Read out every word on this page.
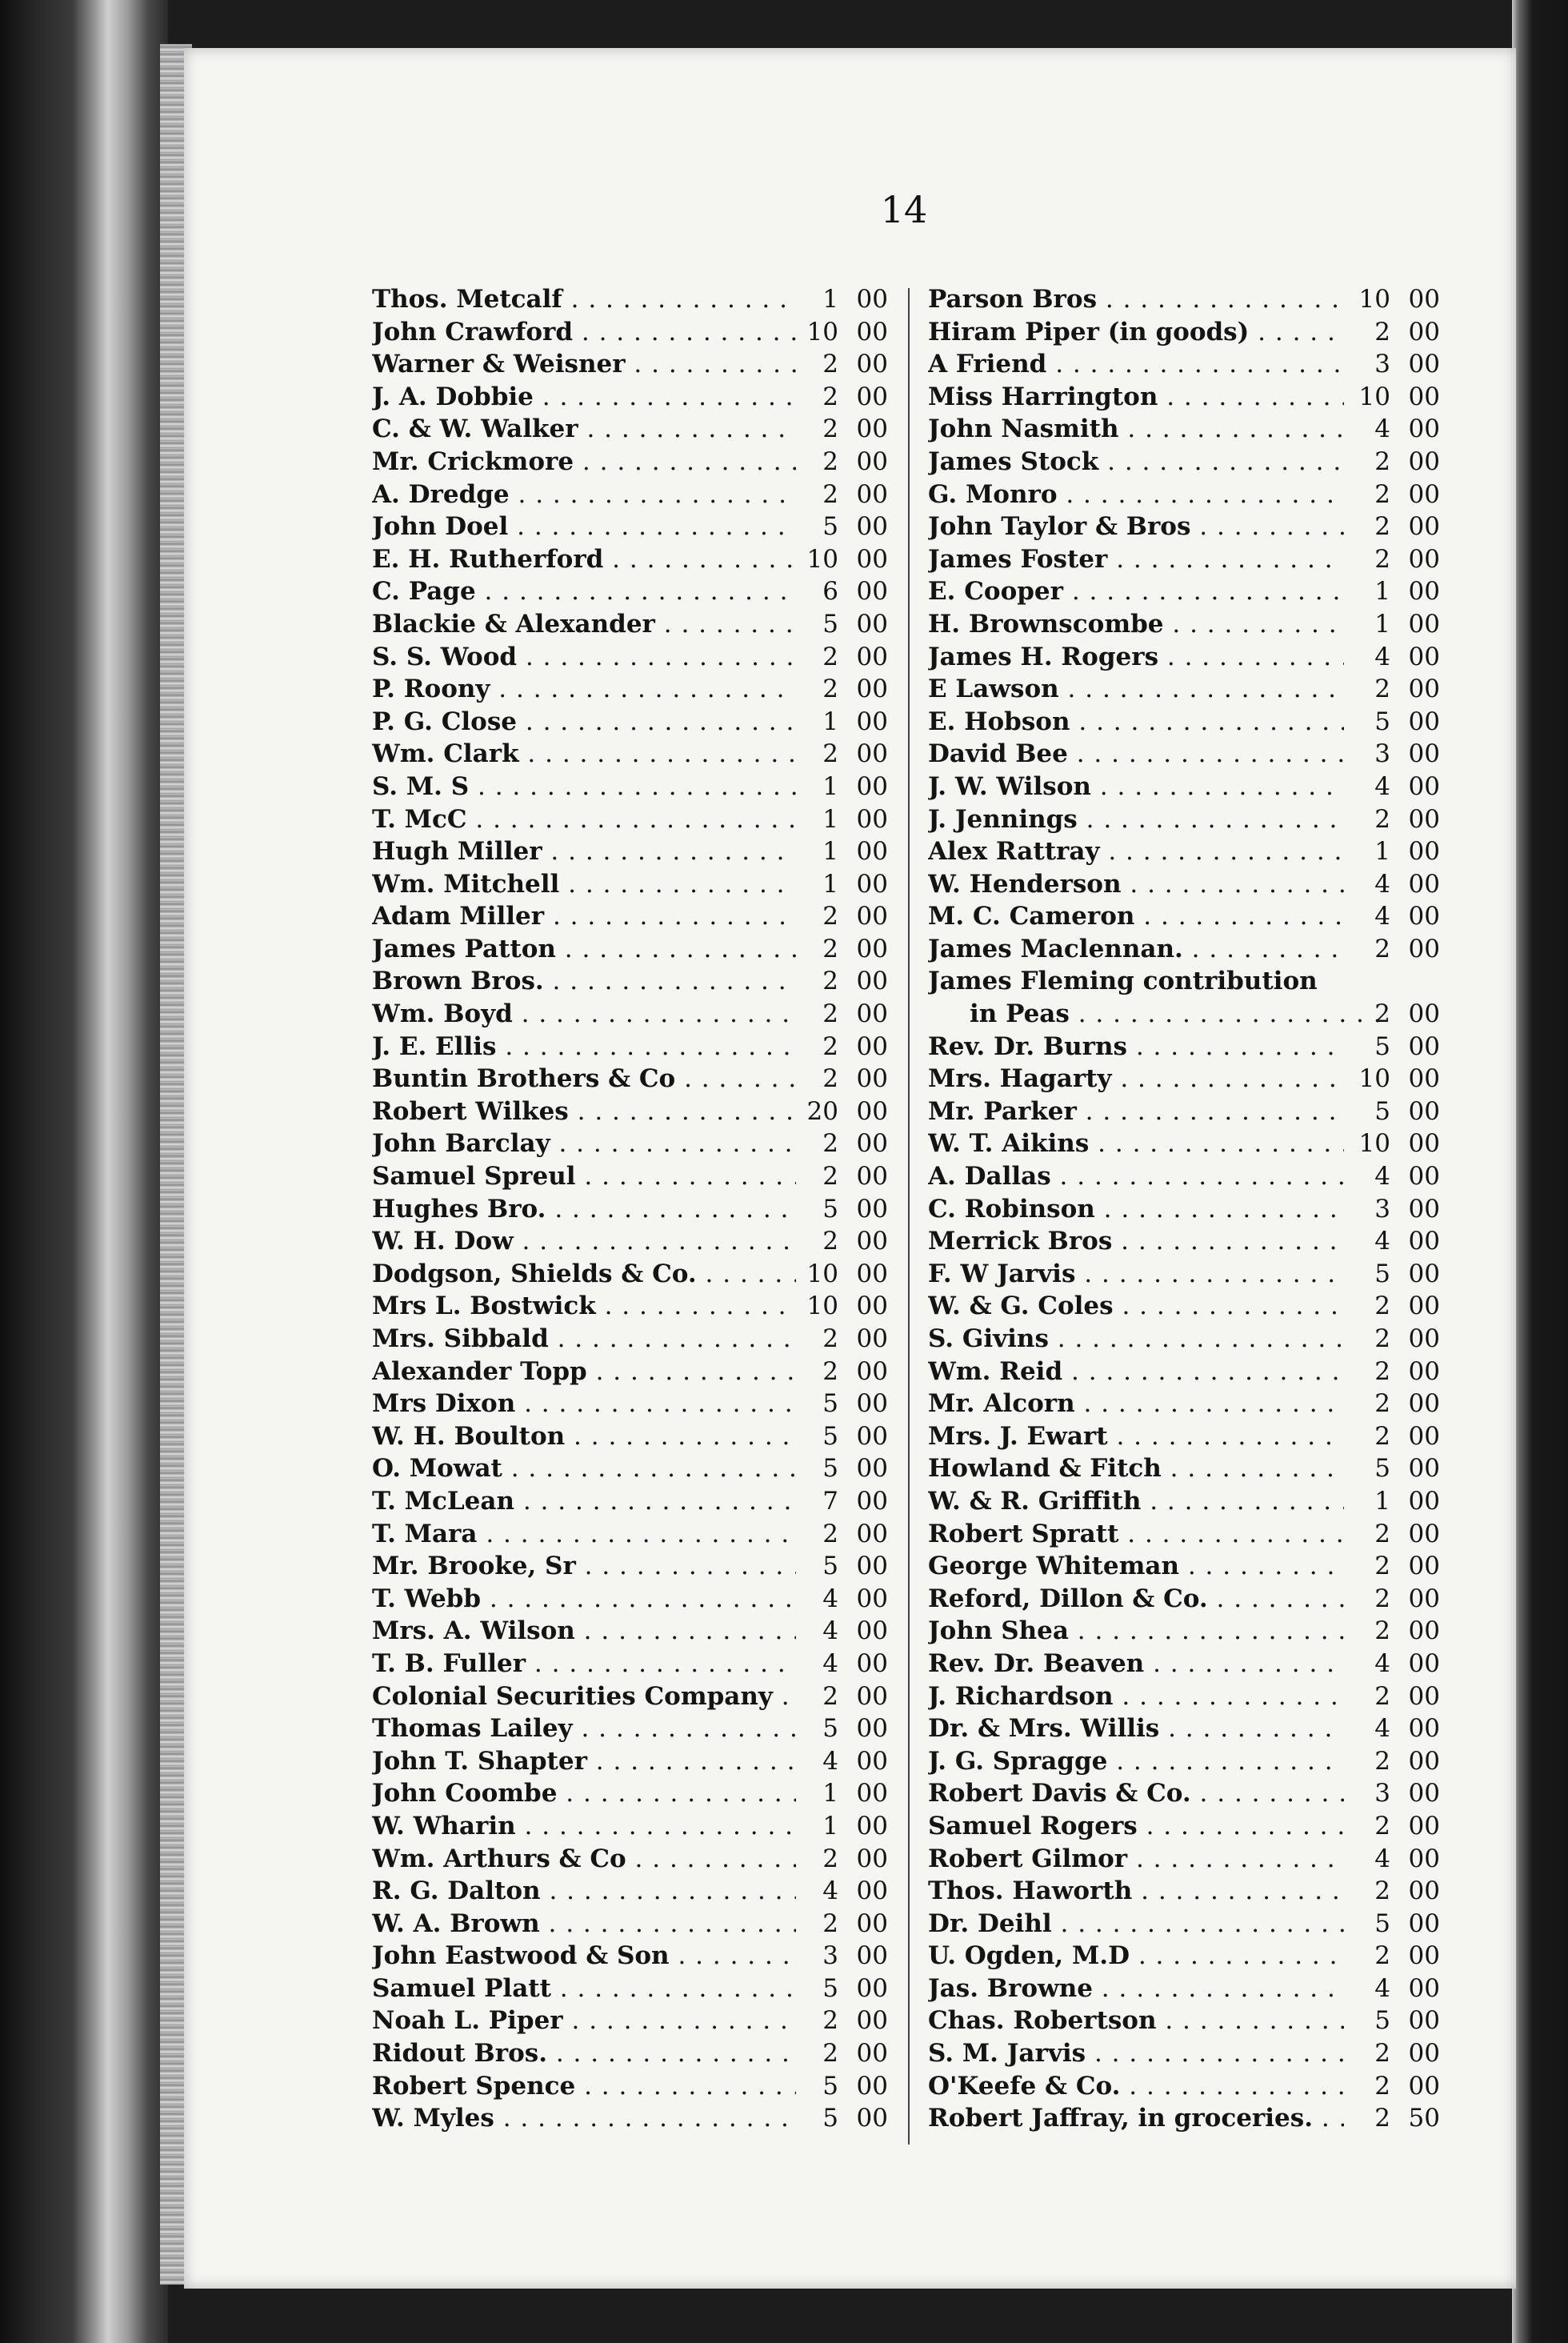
14
Thos. Metcalf . . .	1 00
John Crawford . . .	10 00
Warner & Weisner . . .	2 00
J. A. Dobbie . . .	2 00
C. & W. Walker . . .	2 00
Mr. Crickmore . . .	2 00
A. Dredge . . .	2 00
John Doel . . .	5 00
E. H. Rutherford . . .	10 00
C. Page . . .	6 00
Blackie & Alexander . . .	5 00
S. S. Wood . . .	2 00
P. Roony . . .	2 00
P. G. Close . . .	1 00
Wm. Clark . . .	2 00
S. M. S . . .	1 00
T. McC . . .	1 00
Hugh Miller . . .	1 00
Wm. Mitchell . . .	1 00
Adam Miller . . .	2 00
James Patton . . .	2 00
Brown Bros. . . .	2 00
Wm. Boyd . . .	2 00
J. E. Ellis . . .	2 00
Buntin Brothers & Co . . .	2 00
Robert Wilkes . . .	20 00
John Barclay . . .	2 00
Samuel Spreul . . .	2 00
Hughes Bro. . . .	5 00
W. H. Dow . . .	2 00
Dodgson, Shields & Co. . . .	10 00
Mrs L. Bostwick . . .	10 00
Mrs. Sibbald . . .	2 00
Alexander Topp . . .	2 00
Mrs Dixon . . .	5 00
W. H. Boulton . . .	5 00
O. Mowat . . .	5 00
T. McLean . . .	7 00
T. Mara . . .	2 00
Mr. Brooke, Sr . . .	5 00
T. Webb . . .	4 00
Mrs. A. Wilson . . .	4 00
T. B. Fuller . . .	4 00
Colonial Securities Company . . .	2 00
Thomas Lailey . . .	5 00
John T. Shapter . . .	4 00
John Coombe . . .	1 00
W. Wharin . . .	1 00
Wm. Arthurs & Co . . .	2 00
R. G. Dalton . . .	4 00
W. A. Brown . . .	2 00
John Eastwood & Son . . .	3 00
Samuel Platt . . .	5 00
Noah L. Piper . . .	2 00
Ridout Bros. . . .	2 00
Robert Spence . . .	5 00
W. Myles . . .	5 00
Parson Bros . . .	10 00
Hiram Piper (in goods) . . .	2 00
A Friend . . .	3 00
Miss Harrington . . .	10 00
John Nasmith . . .	4 00
James Stock . . .	2 00
G. Monro . . .	2 00
John Taylor & Bros . . .	2 00
James Foster . . .	2 00
E. Cooper . . .	1 00
H. Brownscombe . . .	1 00
James H. Rogers . . .	4 00
E Lawson . . .	2 00
E. Hobson . . .	5 00
David Bee . . .	3 00
J. W. Wilson . . .	4 00
J. Jennings . . .	2 00
Alex Rattray . . .	1 00
W. Henderson . . .	4 00
M. C. Cameron . . .	4 00
James Maclennan. . . .	2 00
James Fleming contribution
in Peas . . .	2 00
Rev. Dr. Burns . . .	5 00
Mrs. Hagarty . . .	10 00
Mr. Parker . . .	5 00
W. T. Aikins . . .	10 00
A. Dallas . . .	4 00
C. Robinson . . .	3 00
Merrick Bros . . .	4 00
F. W Jarvis . . .	5 00
W. & G. Coles . . .	2 00
S. Givins . . .	2 00
Wm. Reid . . .	2 00
Mr. Alcorn . . .	2 00
Mrs. J. Ewart . . .	2 00
Howland & Fitch . . .	5 00
W. & R. Griffith . . .	1 00
Robert Spratt . . .	2 00
George Whiteman . . .	2 00
Reford, Dillon & Co. . . .	2 00
John Shea . . .	2 00
Rev. Dr. Beaven . . .	4 00
J. Richardson . . .	2 00
Dr. & Mrs. Willis . . .	4 00
J. G. Spragge . . .	2 00
Robert Davis & Co. . . .	3 00
Samuel Rogers . . .	2 00
Robert Gilmor . . .	4 00
Thos. Haworth . . .	2 00
Dr. Deihl . . .	5 00
U. Ogden, M.D . . .	2 00
Jas. Browne . . .	4 00
Chas. Robertson . . .	5 00
S. M. Jarvis . . .	2 00
O'Keefe & Co. . . .	2 00
Robert Jaffray, in groceries. . . .	2 50
